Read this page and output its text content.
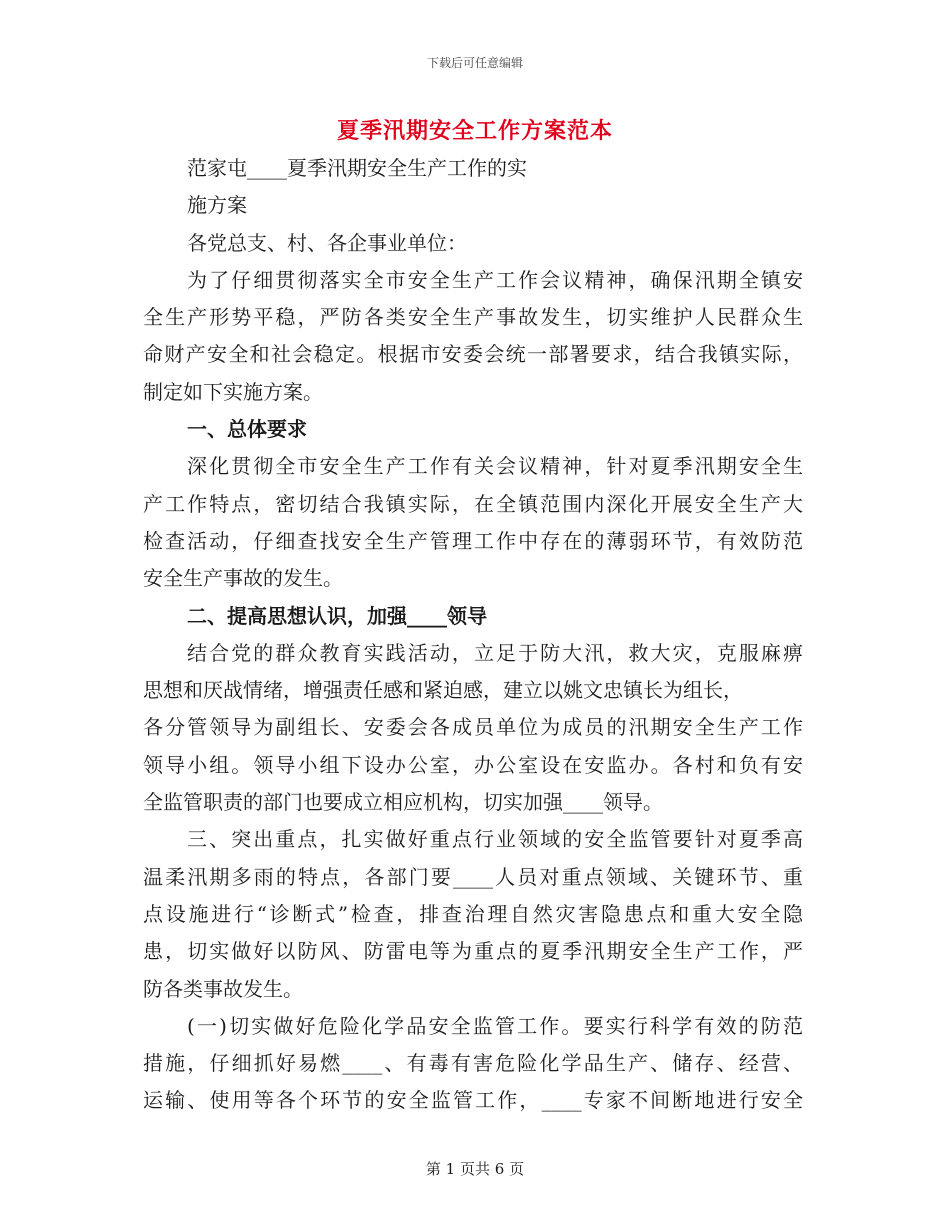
下载后可任意编辑
夏季汛期安全工作方案范本
范家屯____夏季汛期安全生产工作的实
施方案
各党总支、村、各企事业单位：
为了仔细贯彻落实全市安全生产工作会议精神，确保汛期全镇安
全生产形势平稳，严防各类安全生产事故发生，切实维护人民群众生
命财产安全和社会稳定。根据市安委会统一部署要求，结合我镇实际，
制定如下实施方案。
一、总体要求
深化贯彻全市安全生产工作有关会议精神，针对夏季汛期安全生
产工作特点，密切结合我镇实际，在全镇范围内深化开展安全生产大
检查活动，仔细查找安全生产管理工作中存在的薄弱环节，有效防范
安全生产事故的发生。
二、提高思想认识，加强____领导
结合党的群众教育实践活动，立足于防大汛，救大灾，克服麻痹
思想和厌战情绪，增强责任感和紧迫感，建立以姚文忠镇长为组长，
各分管领导为副组长、安委会各成员单位为成员的汛期安全生产工作
领导小组。领导小组下设办公室，办公室设在安监办。各村和负有安
全监管职责的部门也要成立相应机构，切实加强____领导。
三、突出重点，扎实做好重点行业领域的安全监管要针对夏季高
温柔汛期多雨的特点，各部门要____人员对重点领域、关键环节、重
点设施进行“诊断式”检查，排查治理自然灾害隐患点和重大安全隐
患，切实做好以防风、防雷电等为重点的夏季汛期安全生产工作，严
防各类事故发生。
(一)切实做好危险化学品安全监管工作。要实行科学有效的防范
措施，仔细抓好易燃____、有毒有害危险化学品生产、储存、经营、
运输、使用等各个环节的安全监管工作，____专家不间断地进行安全
第 1 页共 6 页
